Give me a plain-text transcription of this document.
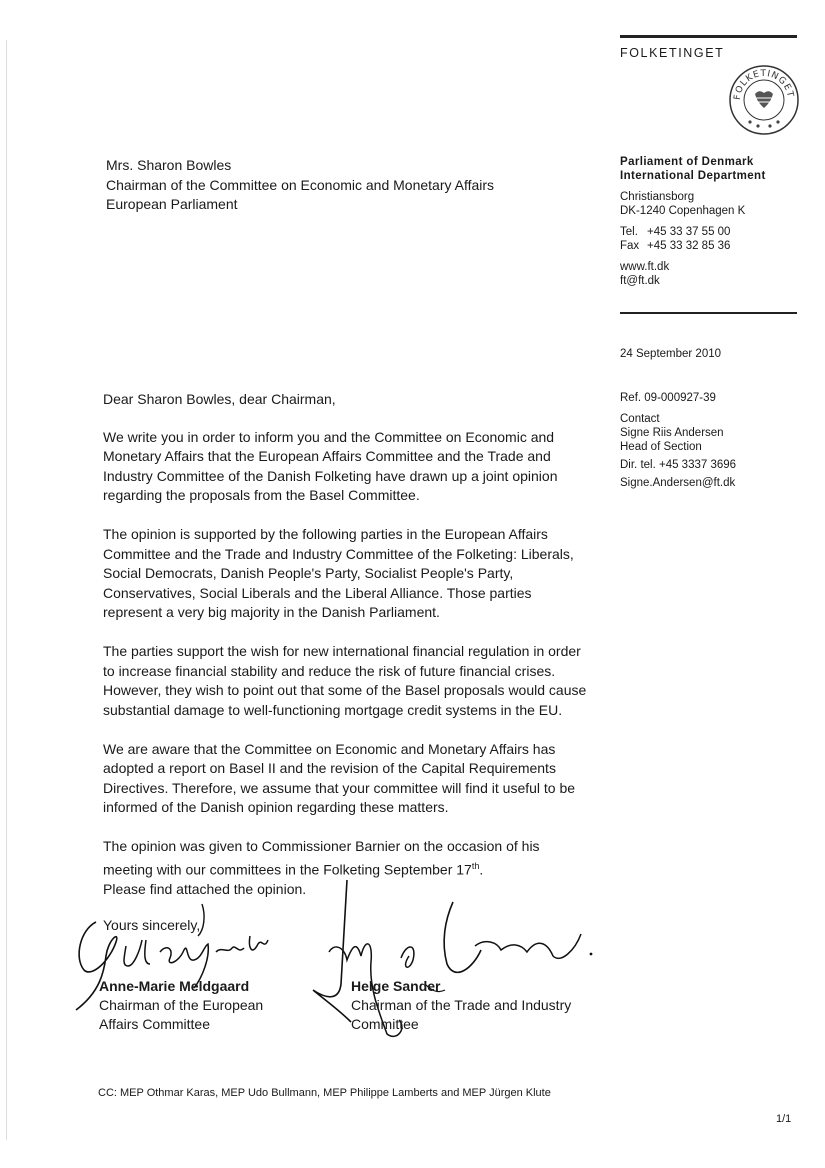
FOLKETINGET
FOLKETINGET
Parliament of Denmark
International Department
Christiansborg
DK-1240 Copenhagen K
Tel. +45 33 37 55 00
Fax +45 33 32 85 36
www.ft.dk
ft@ft.dk
24 September 2010
Ref. 09-000927-39
Contact
Signe Riis Andersen
Head of Section
Dir. tel. +45 3337 3696
Signe.Andersen@ft.dk
Mrs. Sharon Bowles
Chairman of the Committee on Economic and Monetary Affairs
European Parliament

Dear Sharon Bowles, dear Chairman,

We write you in order to inform you and the Committee on Economic and Monetary Affairs that the European Affairs Committee and the Trade and Industry Committee of the Danish Folketing have drawn up a joint opinion regarding the proposals from the Basel Committee.

The opinion is supported by the following parties in the European Affairs Committee and the Trade and Industry Committee of the Folketing: Liberals, Social Democrats, Danish People's Party, Socialist People's Party, Conservatives, Social Liberals and the Liberal Alliance. Those parties represent a very big majority in the Danish Parliament.

The parties support the wish for new international financial regulation in order to increase financial stability and reduce the risk of future financial crises. However, they wish to point out that some of the Basel proposals would cause substantial damage to well-functioning mortgage credit systems in the EU.

We are aware that the Committee on Economic and Monetary Affairs has adopted a report on Basel II and the revision of the Capital Requirements Directives. Therefore, we assume that your committee will find it useful to be informed of the Danish opinion regarding these matters.

The opinion was given to Commissioner Barnier on the occasion of his meeting with our committees in the Folketing September 17th.

Please find attached the opinion.

Yours sincerely,
Anne-Marie Meldgaard
Chairman of the European
Affairs Committee
Helge Sander
Chairman of the Trade and Industry
Committee
CC: MEP Othmar Karas, MEP Udo Bullmann, MEP Philippe Lamberts and MEP Jürgen Klute
1/1
